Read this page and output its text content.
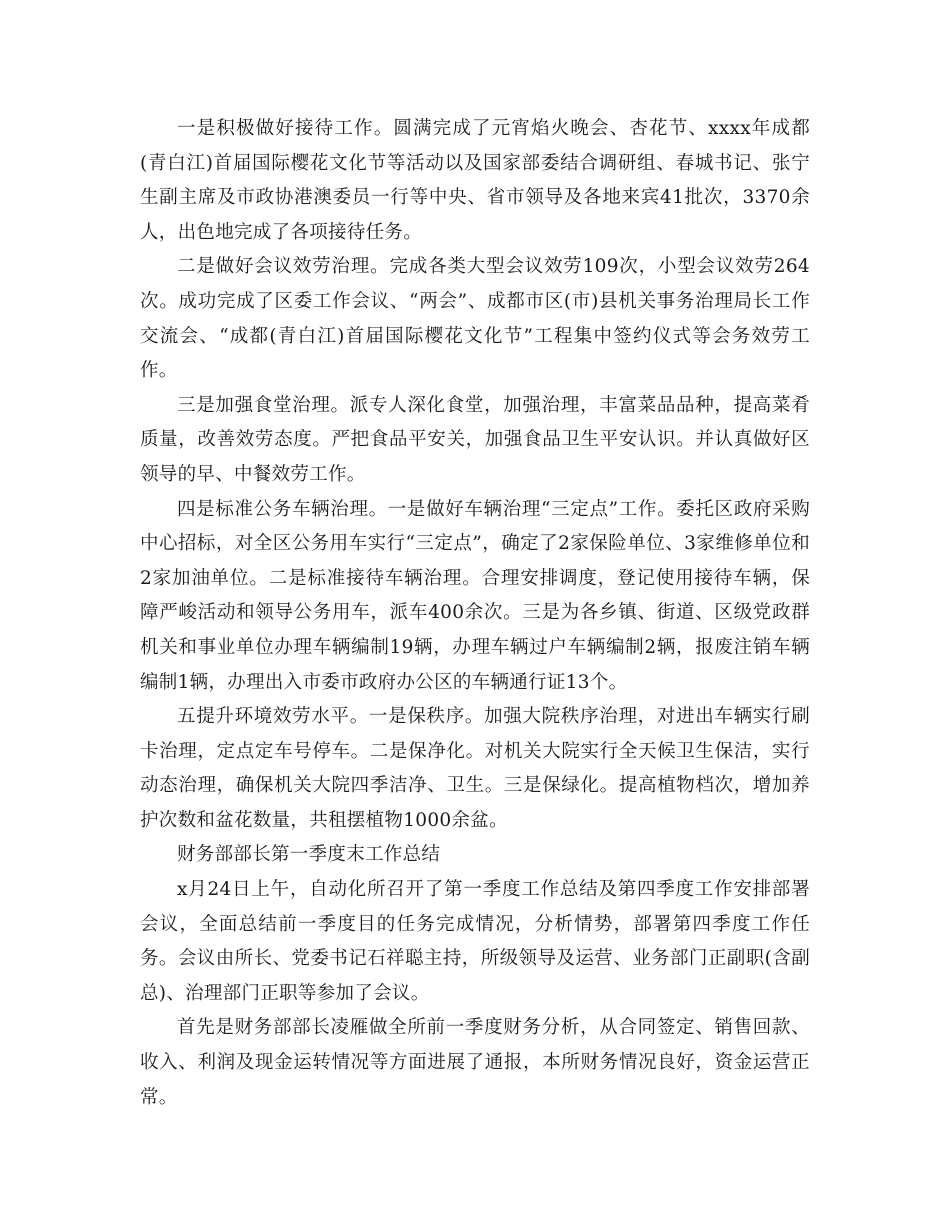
一是积极做好接待工作。圆满完成了元宵焰火晚会、杏花节、xxxx年成都(青白江)首届国际樱花文化节等活动以及国家部委结合调研组、春城书记、张宁生副主席及市政协港澳委员一行等中央、省市领导及各地来宾41批次，3370余人，出色地完成了各项接待任务。

二是做好会议效劳治理。完成各类大型会议效劳109次，小型会议效劳264次。成功完成了区委工作会议、“两会”、成都市区(市)县机关事务治理局长工作交流会、“成都(青白江)首届国际樱花文化节”工程集中签约仪式等会务效劳工作。

三是加强食堂治理。派专人深化食堂，加强治理，丰富菜品品种，提高菜肴质量，改善效劳态度。严把食品平安关，加强食品卫生平安认识。并认真做好区领导的早、中餐效劳工作。

四是标准公务车辆治理。一是做好车辆治理“三定点”工作。委托区政府采购中心招标，对全区公务用车实行“三定点”，确定了2家保险单位、3家维修单位和2家加油单位。二是标准接待车辆治理。合理安排调度，登记使用接待车辆，保障严峻活动和领导公务用车，派车400余次。三是为各乡镇、街道、区级党政群机关和事业单位办理车辆编制19辆，办理车辆过户车辆编制2辆，报废注销车辆编制1辆，办理出入市委市政府办公区的车辆通行证13个。

五提升环境效劳水平。一是保秩序。加强大院秩序治理，对进出车辆实行刷卡治理，定点定车号停车。二是保净化。对机关大院实行全天候卫生保洁，实行动态治理，确保机关大院四季洁净、卫生。三是保绿化。提高植物档次，增加养护次数和盆花数量，共租摆植物1000余盆。

财务部部长第一季度末工作总结

x月24日上午，自动化所召开了第一季度工作总结及第四季度工作安排部署会议，全面总结前一季度目的任务完成情况，分析情势，部署第四季度工作任务。会议由所长、党委书记石祥聪主持，所级领导及运营、业务部门正副职(含副总)、治理部门正职等参加了会议。

首先是财务部部长凌雁做全所前一季度财务分析，从合同签定、销售回款、收入、利润及现金运转情况等方面进展了通报，本所财务情况良好，资金运营正常。
